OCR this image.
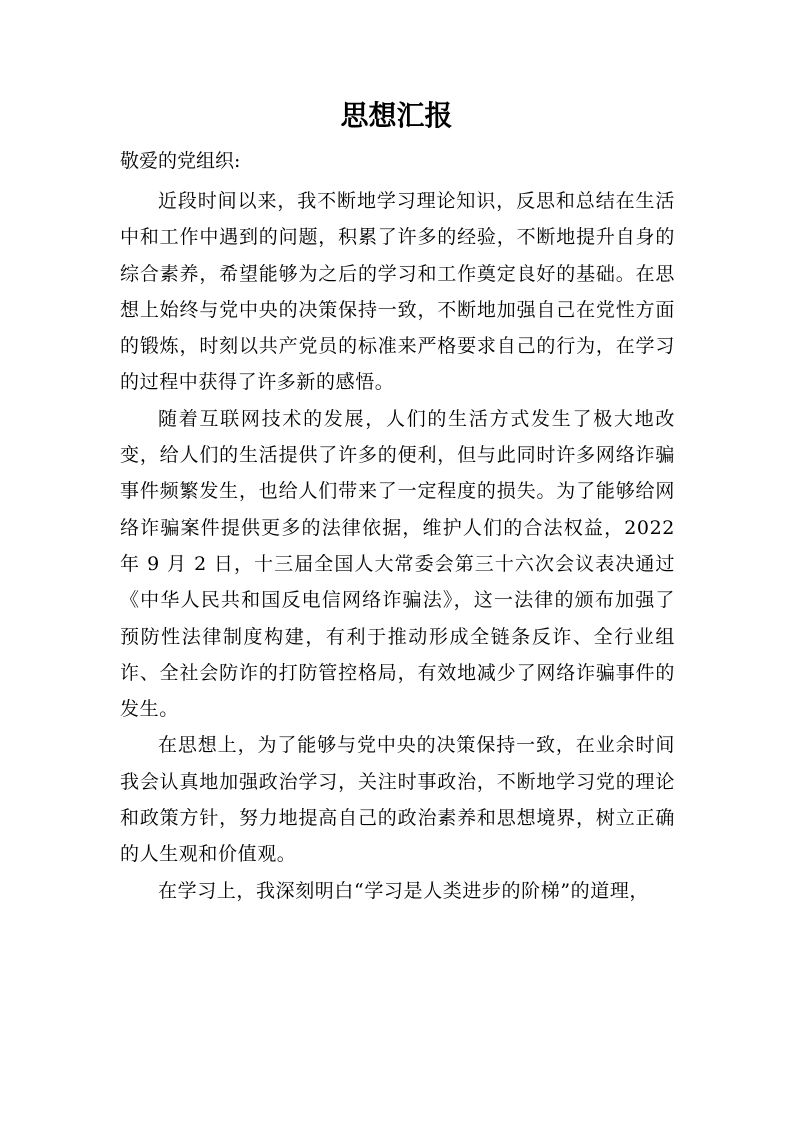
思想汇报

敬爱的党组织:

近段时间以来，我不断地学习理论知识，反思和总结在生活中和工作中遇到的问题，积累了许多的经验，不断地提升自身的综合素养，希望能够为之后的学习和工作奠定良好的基础。在思想上始终与党中央的决策保持一致，不断地加强自己在党性方面的锻炼，时刻以共产党员的标准来严格要求自己的行为，在学习的过程中获得了许多新的感悟。

随着互联网技术的发展，人们的生活方式发生了极大地改变，给人们的生活提供了许多的便利，但与此同时许多网络诈骗事件频繁发生，也给人们带来了一定程度的损失。为了能够给网络诈骗案件提供更多的法律依据，维护人们的合法权益，2022 年 9 月 2 日，十三届全国人大常委会第三十六次会议表决通过《中华人民共和国反电信网络诈骗法》，这一法律的颁布加强了预防性法律制度构建，有利于推动形成全链条反诈、全行业组诈、全社会防诈的打防管控格局，有效地减少了网络诈骗事件的发生。

在思想上，为了能够与党中央的决策保持一致，在业余时间我会认真地加强政治学习，关注时事政治，不断地学习党的理论和政策方针，努力地提高自己的政治素养和思想境界，树立正确的人生观和价值观。

在学习上，我深刻明白“学习是人类进步的阶梯”的道理，
